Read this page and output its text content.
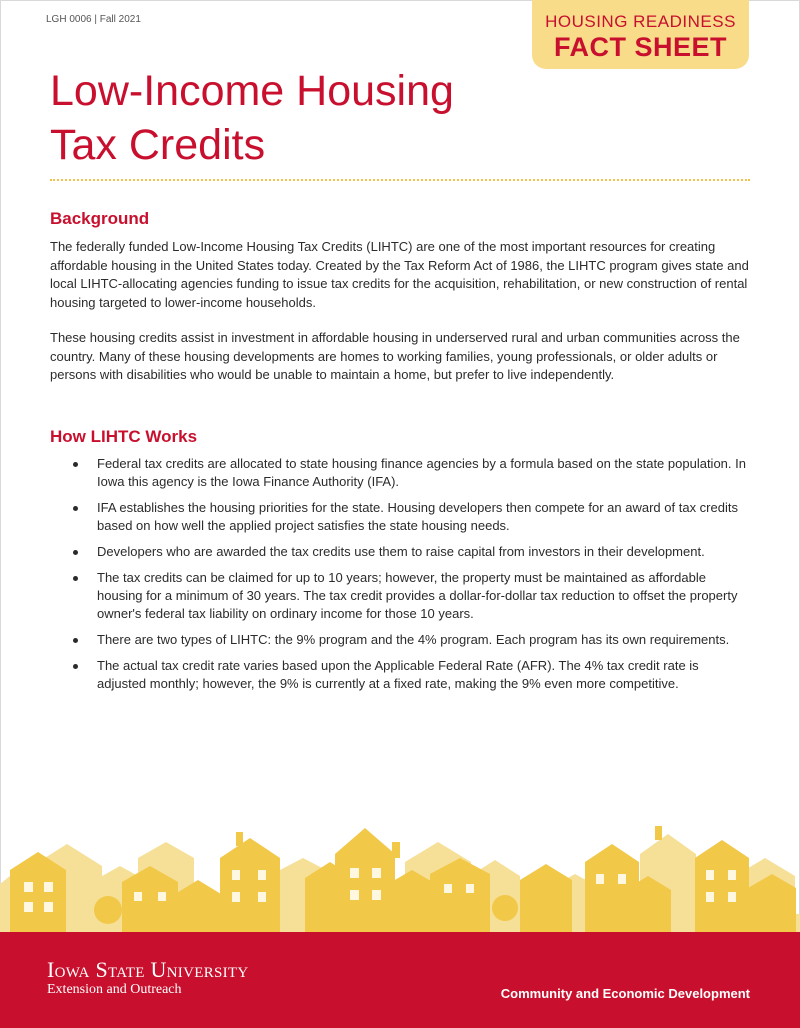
LGH 0006 | Fall 2021	HOUSING READINESS
FACT SHEET
Low-Income Housing
Tax Credits
Background

The federally funded Low-Income Housing Tax Credits (LIHTC) are one of the most important resources for creating affordable housing in the United States today. Created by the Tax Reform Act of 1986, the LIHTC program gives state and local LIHTC-allocating agencies funding to issue tax credits for the acquisition, rehabilitation, or new construction of rental housing targeted to lower-income households.

These housing credits assist in investment in affordable housing in underserved rural and urban communities across the country. Many of these housing developments are homes to working families, young professionals, or older adults or persons with disabilities who would be unable to maintain a home, but prefer to live independently.

How LIHTC Works
Federal tax credits are allocated to state housing finance agencies by a formula based on the state population. In Iowa this agency is the Iowa Finance Authority (IFA).
IFA establishes the housing priorities for the state. Housing developers then compete for an award of tax credits based on how well the applied project satisfies the state housing needs.
Developers who are awarded the tax credits use them to raise capital from investors in their development.
The tax credits can be claimed for up to 10 years; however, the property must be maintained as affordable housing for a minimum of 30 years. The tax credit provides a dollar-for-dollar tax reduction to offset the property owner's federal tax liability on ordinary income for those 10 years.
There are two types of LIHTC: the 9% program and the 4% program. Each program has its own requirements.
The actual tax credit rate varies based upon the Applicable Federal Rate (AFR). The 4% tax credit rate is adjusted monthly; however, the 9% is currently at a fixed rate, making the 9% even more competitive.
Iowa State University
Extension and Outreach	Community and Economic Development
